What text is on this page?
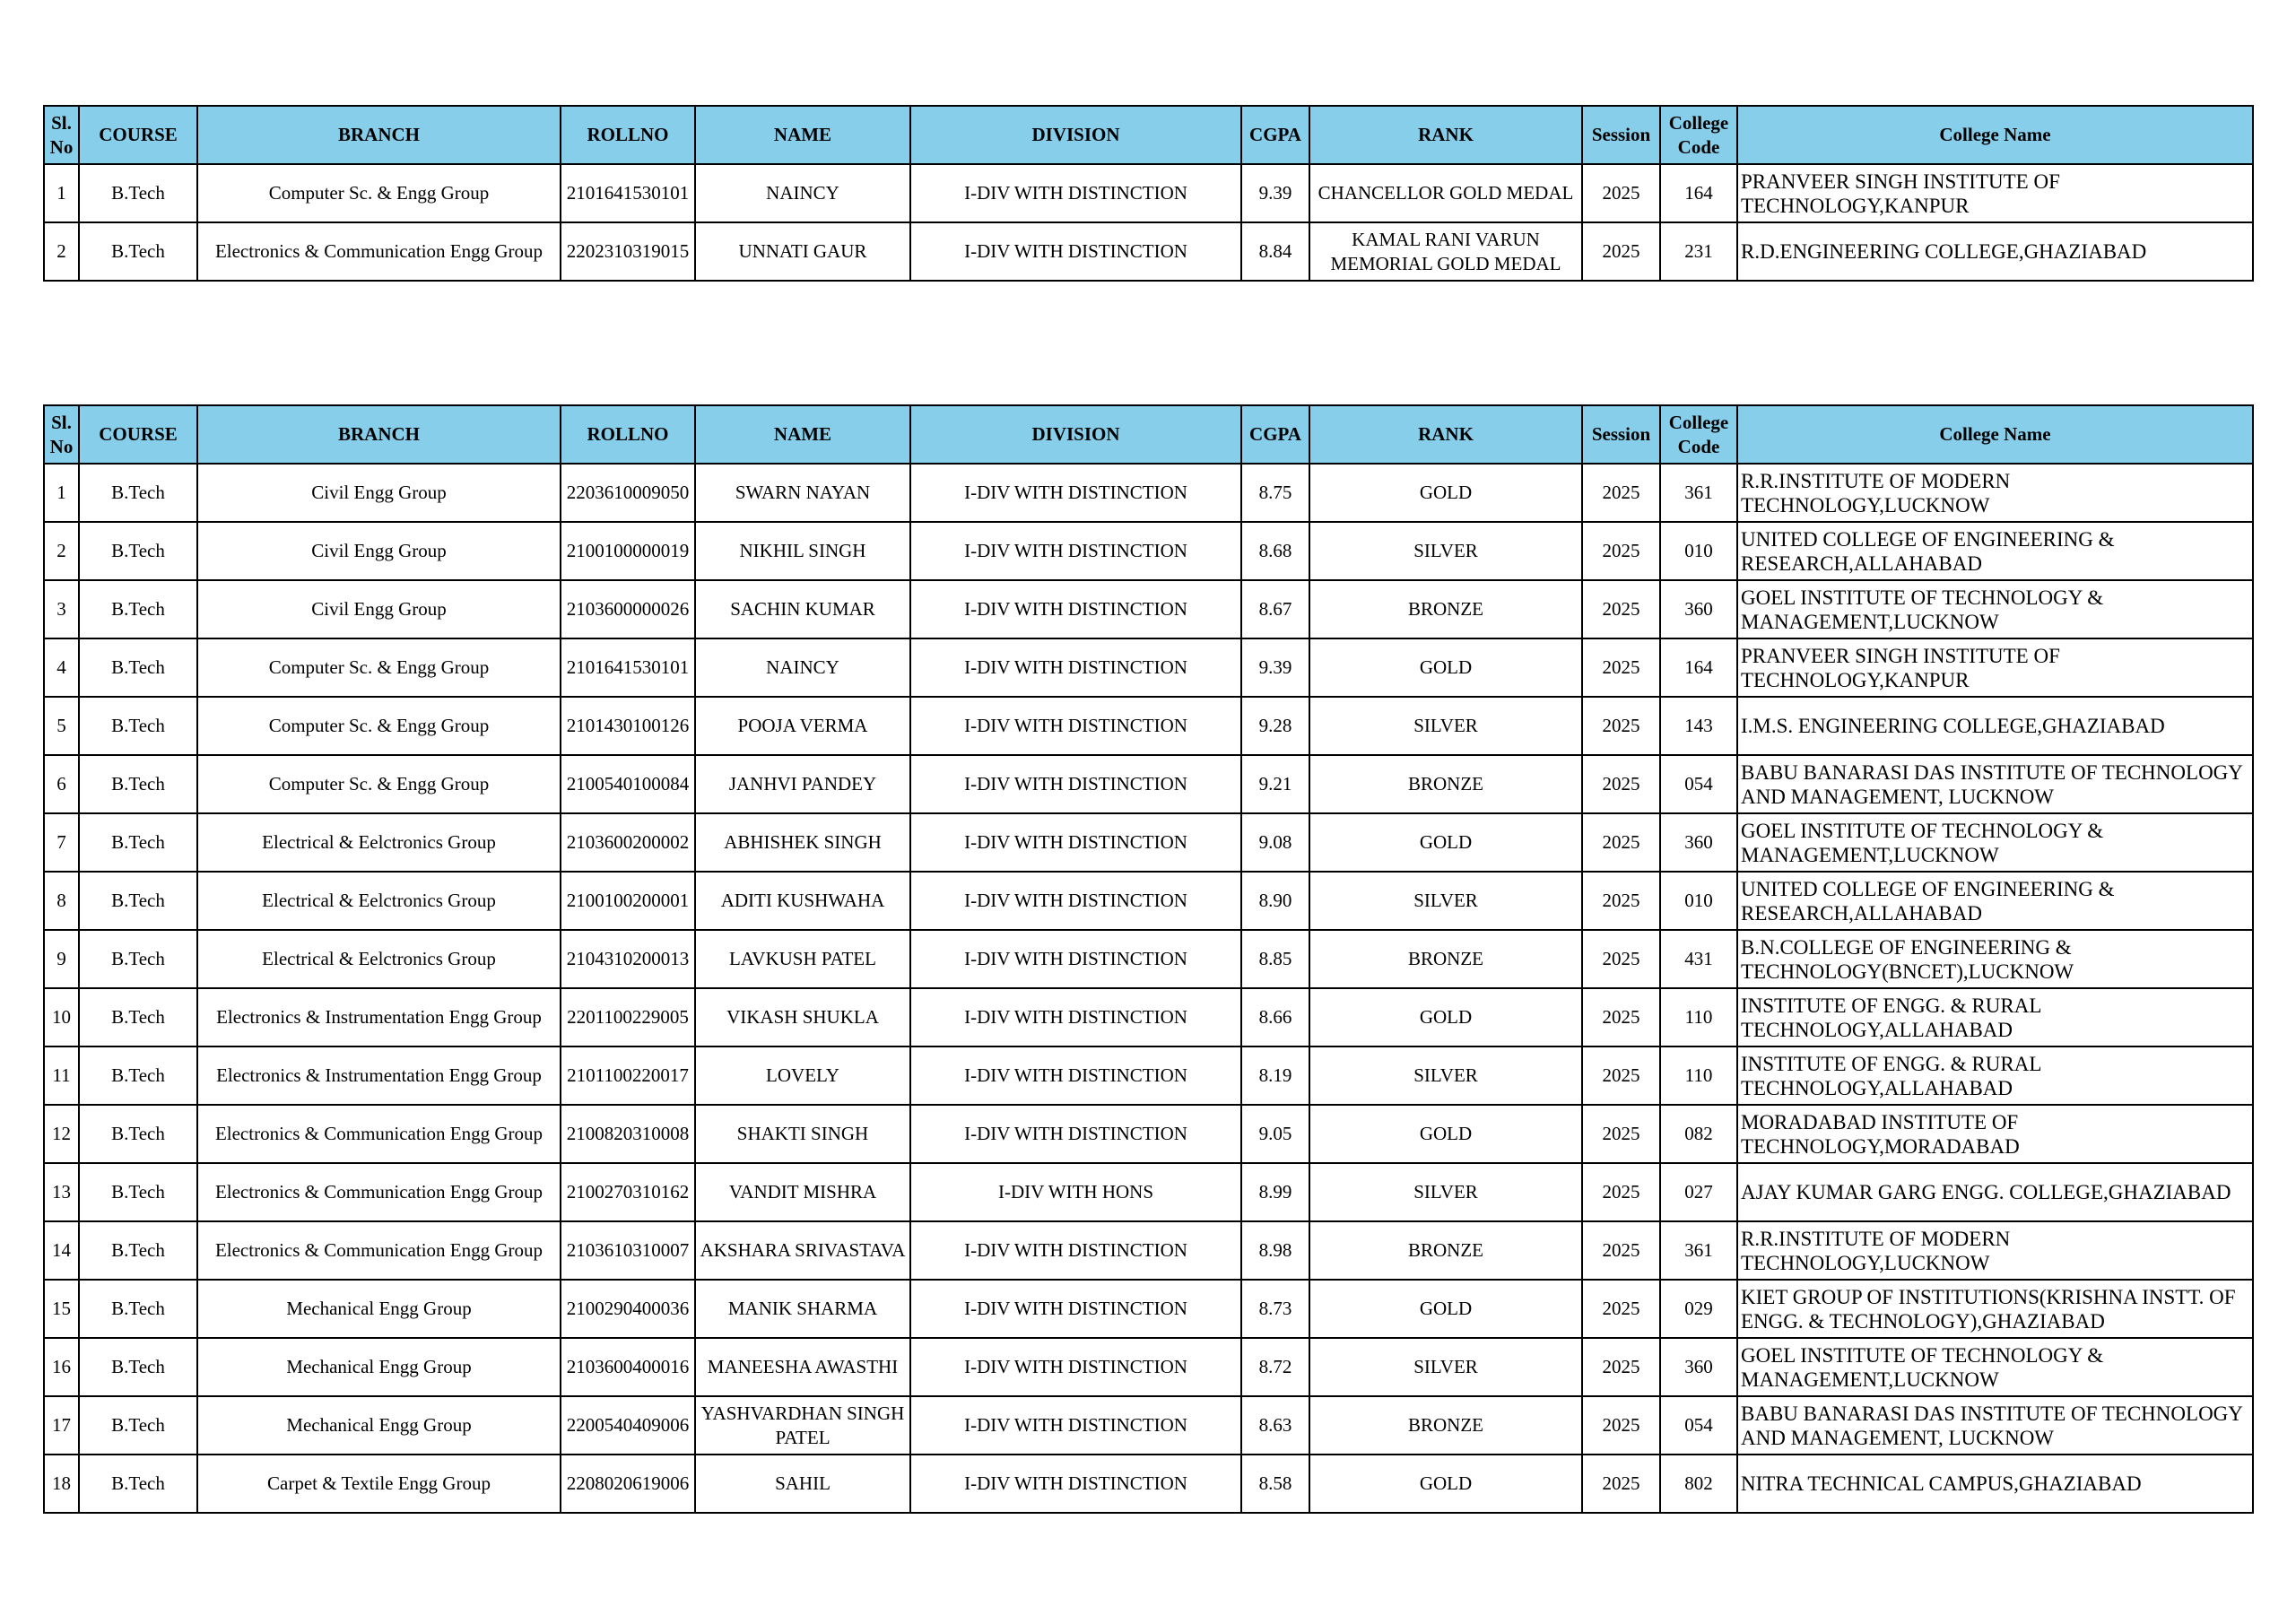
Sl. No	COURSE	BRANCH	ROLLNO	NAME	DIVISION	CGPA	RANK	Session	College Code	College Name
1	B.Tech	Computer Sc. & Engg Group	2101641530101	NAINCY	I-DIV WITH DISTINCTION	9.39	CHANCELLOR GOLD MEDAL	2025	164	PRANVEER SINGH INSTITUTE OF TECHNOLOGY,KANPUR
2	B.Tech	Electronics & Communication Engg Group	2202310319015	UNNATI GAUR	I-DIV WITH DISTINCTION	8.84	KAMAL RANI VARUN MEMORIAL GOLD MEDAL	2025	231	R.D.ENGINEERING COLLEGE,GHAZIABAD
Sl. No	COURSE	BRANCH	ROLLNO	NAME	DIVISION	CGPA	RANK	Session	College Code	College Name
1	B.Tech	Civil Engg Group	2203610009050	SWARN NAYAN	I-DIV WITH DISTINCTION	8.75	GOLD	2025	361	R.R.INSTITUTE OF MODERN TECHNOLOGY,LUCKNOW
2	B.Tech	Civil Engg Group	2100100000019	NIKHIL SINGH	I-DIV WITH DISTINCTION	8.68	SILVER	2025	010	UNITED COLLEGE OF ENGINEERING & RESEARCH,ALLAHABAD
3	B.Tech	Civil Engg Group	2103600000026	SACHIN KUMAR	I-DIV WITH DISTINCTION	8.67	BRONZE	2025	360	GOEL INSTITUTE OF TECHNOLOGY & MANAGEMENT,LUCKNOW
4	B.Tech	Computer Sc. & Engg Group	2101641530101	NAINCY	I-DIV WITH DISTINCTION	9.39	GOLD	2025	164	PRANVEER SINGH INSTITUTE OF TECHNOLOGY,KANPUR
5	B.Tech	Computer Sc. & Engg Group	2101430100126	POOJA VERMA	I-DIV WITH DISTINCTION	9.28	SILVER	2025	143	I.M.S. ENGINEERING COLLEGE,GHAZIABAD
6	B.Tech	Computer Sc. & Engg Group	2100540100084	JANHVI PANDEY	I-DIV WITH DISTINCTION	9.21	BRONZE	2025	054	BABU BANARASI DAS INSTITUTE OF TECHNOLOGY AND MANAGEMENT, LUCKNOW
7	B.Tech	Electrical & Eelctronics Group	2103600200002	ABHISHEK SINGH	I-DIV WITH DISTINCTION	9.08	GOLD	2025	360	GOEL INSTITUTE OF TECHNOLOGY & MANAGEMENT,LUCKNOW
8	B.Tech	Electrical & Eelctronics Group	2100100200001	ADITI KUSHWAHA	I-DIV WITH DISTINCTION	8.90	SILVER	2025	010	UNITED COLLEGE OF ENGINEERING & RESEARCH,ALLAHABAD
9	B.Tech	Electrical & Eelctronics Group	2104310200013	LAVKUSH PATEL	I-DIV WITH DISTINCTION	8.85	BRONZE	2025	431	B.N.COLLEGE OF ENGINEERING & TECHNOLOGY(BNCET),LUCKNOW
10	B.Tech	Electronics & Instrumentation Engg Group	2201100229005	VIKASH SHUKLA	I-DIV WITH DISTINCTION	8.66	GOLD	2025	110	INSTITUTE OF ENGG. & RURAL TECHNOLOGY,ALLAHABAD
11	B.Tech	Electronics & Instrumentation Engg Group	2101100220017	LOVELY	I-DIV WITH DISTINCTION	8.19	SILVER	2025	110	INSTITUTE OF ENGG. & RURAL TECHNOLOGY,ALLAHABAD
12	B.Tech	Electronics & Communication Engg Group	2100820310008	SHAKTI SINGH	I-DIV WITH DISTINCTION	9.05	GOLD	2025	082	MORADABAD INSTITUTE OF TECHNOLOGY,MORADABAD
13	B.Tech	Electronics & Communication Engg Group	2100270310162	VANDIT MISHRA	I-DIV WITH HONS	8.99	SILVER	2025	027	AJAY KUMAR GARG ENGG. COLLEGE,GHAZIABAD
14	B.Tech	Electronics & Communication Engg Group	2103610310007	AKSHARA SRIVASTAVA	I-DIV WITH DISTINCTION	8.98	BRONZE	2025	361	R.R.INSTITUTE OF MODERN TECHNOLOGY,LUCKNOW
15	B.Tech	Mechanical Engg Group	2100290400036	MANIK SHARMA	I-DIV WITH DISTINCTION	8.73	GOLD	2025	029	KIET GROUP OF INSTITUTIONS(KRISHNA INSTT. OF ENGG. & TECHNOLOGY),GHAZIABAD
16	B.Tech	Mechanical Engg Group	2103600400016	MANEESHA AWASTHI	I-DIV WITH DISTINCTION	8.72	SILVER	2025	360	GOEL INSTITUTE OF TECHNOLOGY & MANAGEMENT,LUCKNOW
17	B.Tech	Mechanical Engg Group	2200540409006	YASHVARDHAN SINGH PATEL	I-DIV WITH DISTINCTION	8.63	BRONZE	2025	054	BABU BANARASI DAS INSTITUTE OF TECHNOLOGY AND MANAGEMENT, LUCKNOW
18	B.Tech	Carpet & Textile Engg Group	2208020619006	SAHIL	I-DIV WITH DISTINCTION	8.58	GOLD	2025	802	NITRA TECHNICAL CAMPUS,GHAZIABAD
